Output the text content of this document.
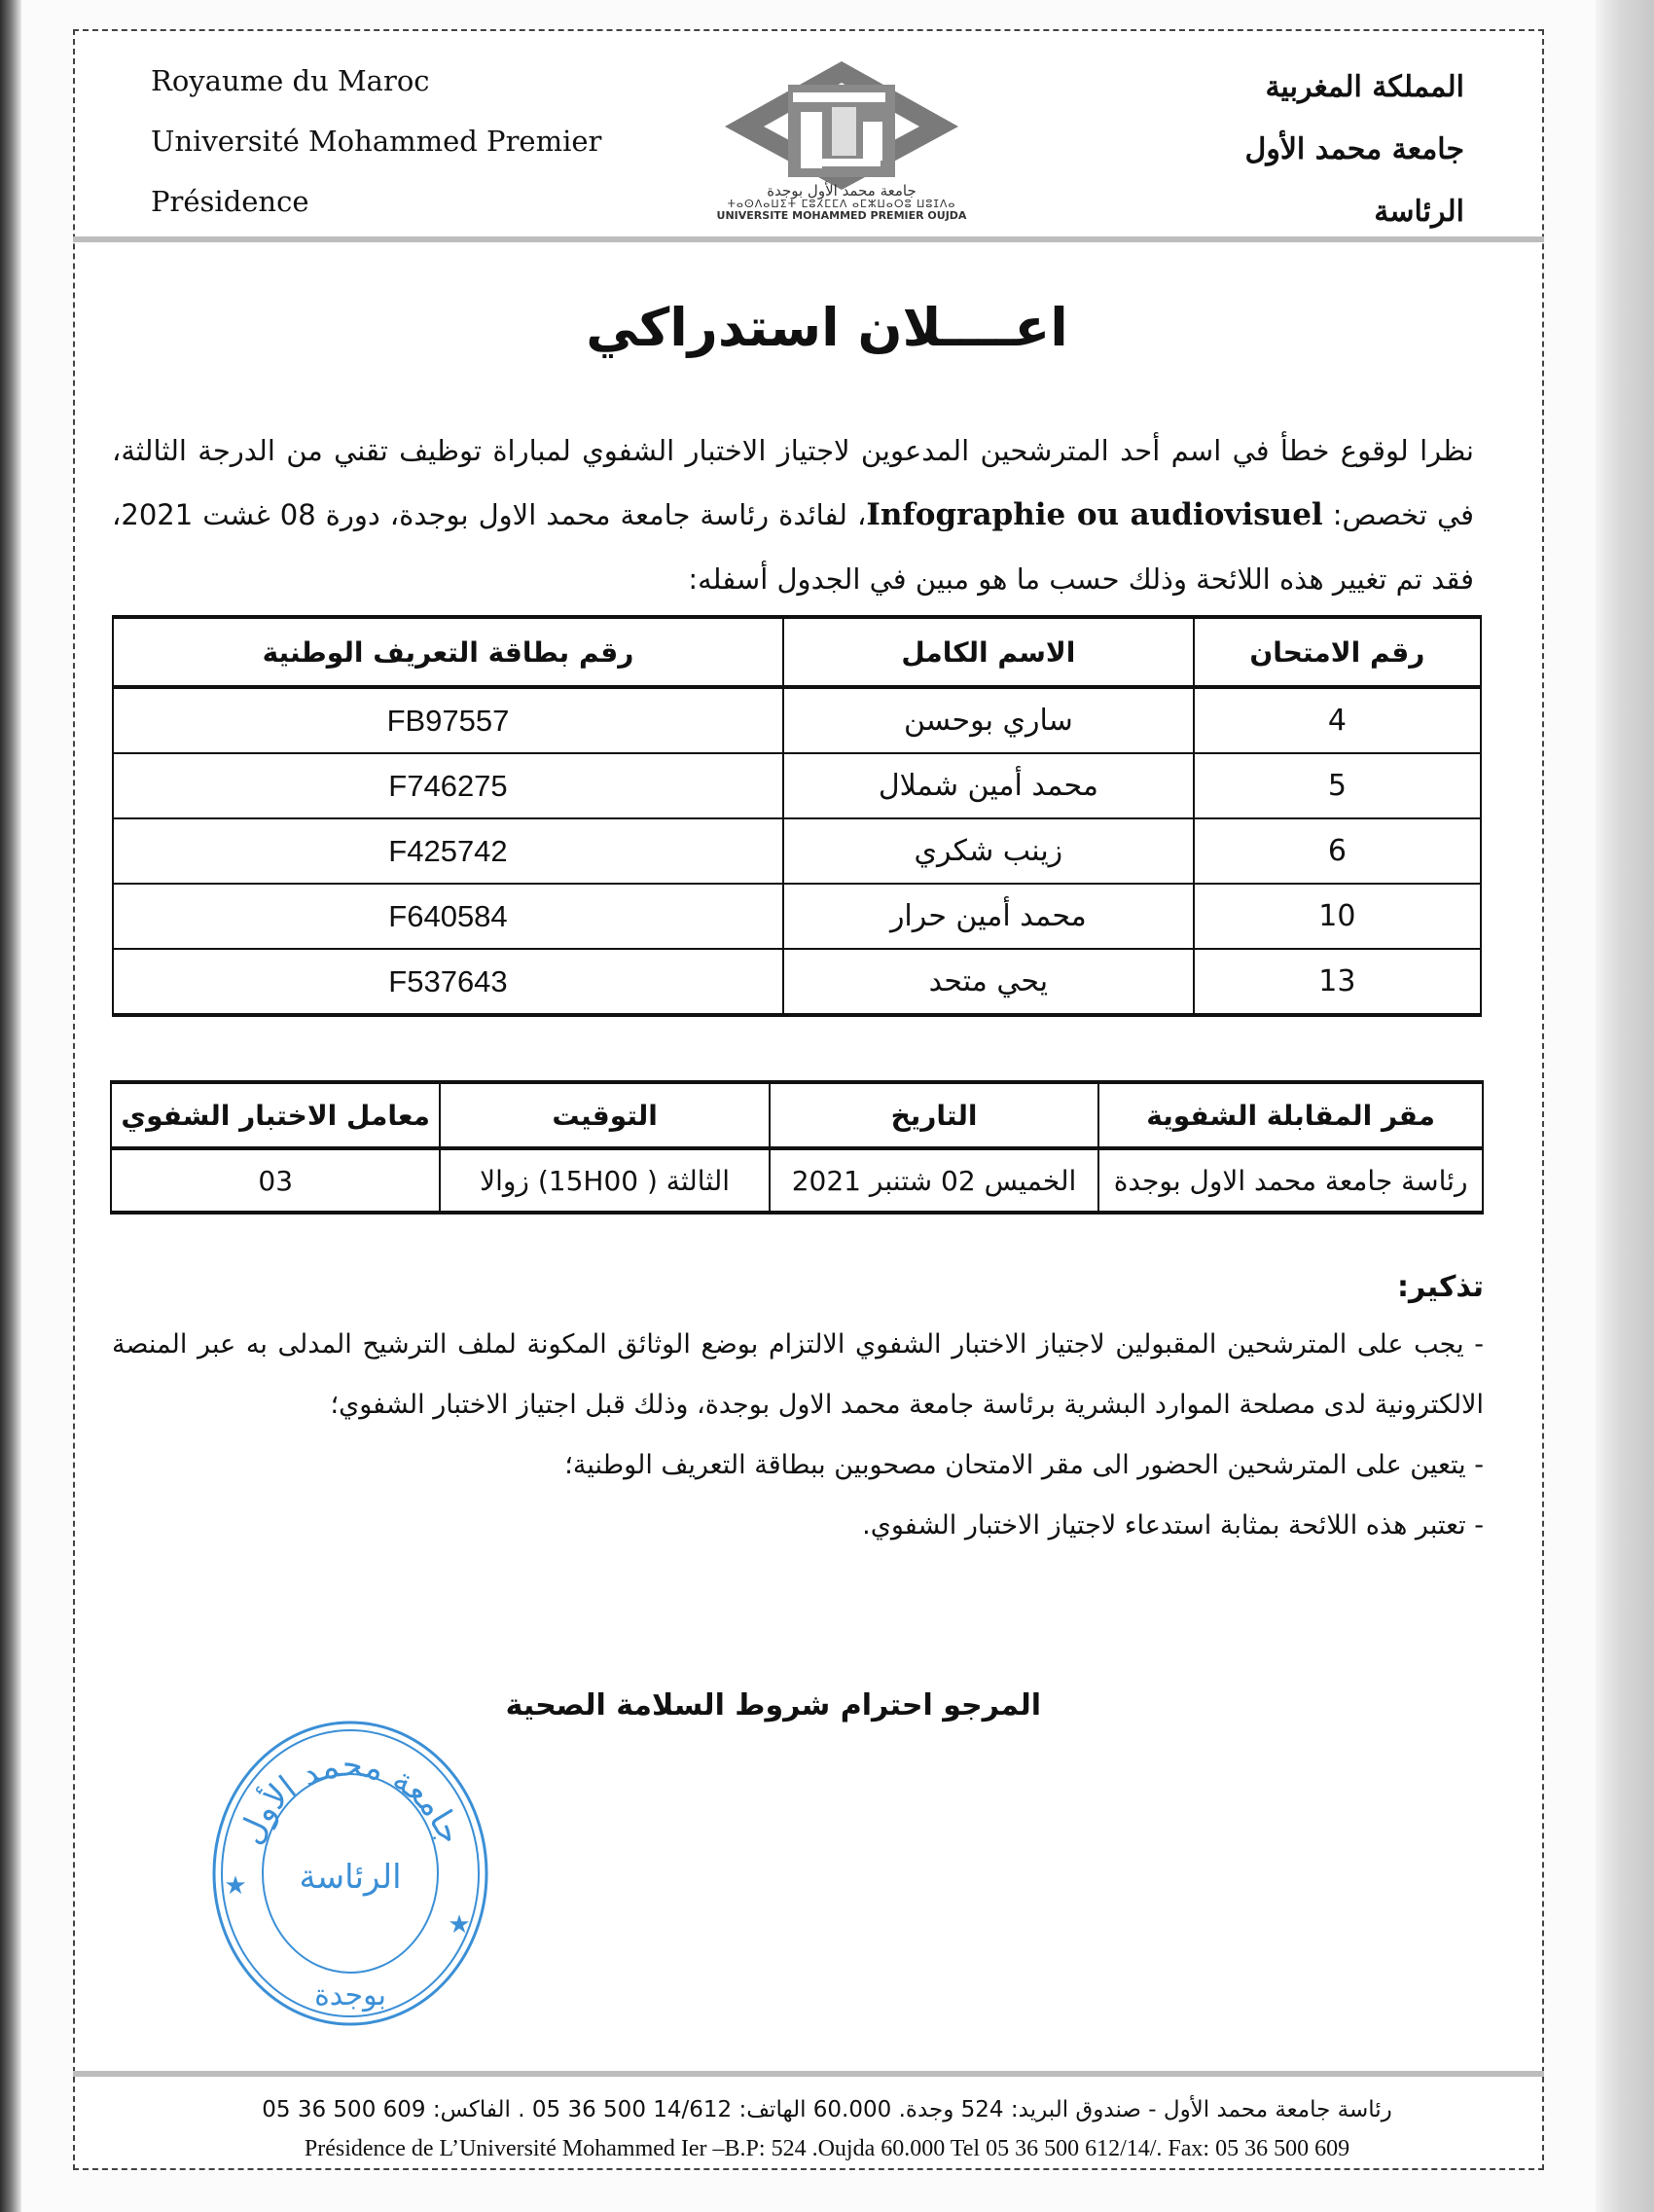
Royaume du Maroc
Université Mohammed Premier
Présidence
المملكة المغربية
جامعة محمد الأول
الرئاسة
جامعة محمد الأول بوجدة
ⵜⴰⵙⴷⴰⵡⵉⵜ ⵎⵓⵃⵎⵎⴷ ⴰⵎⵣⵡⴰⵔⵓ ⵡⵓⵊⴷⴰ
UNIVERSITE MOHAMMED PREMIER OUJDA
اعــــلان استدراكي
نظرا لوقوع خطأ في اسم أحد المترشحين المدعوين لاجتياز الاختبار الشفوي لمباراة توظيف تقني من الدرجة الثالثة، في تخصص: Infographie ou audiovisuel، لفائدة رئاسة جامعة محمد الاول بوجدة، دورة 08 غشت 2021، فقد تم تغيير هذه اللائحة وذلك حسب ما هو مبين في الجدول أسفله:
رقم الامتحان	الاسم الكامل	رقم بطاقة التعريف الوطنية
4	ساري بوحسن	FB97557
5	محمد أمين شملال	F746275
6	زينب شكري	F425742
10	محمد أمين حرار	F640584
13	يحي متحد	F537643
مقر المقابلة الشفوية	التاريخ	التوقيت	معامل الاختبار الشفوي
رئاسة جامعة محمد الاول بوجدة	الخميس 02 شتنبر 2021	الثالثة ( 15H00) زوالا	03
تذكير:

- يجب على المترشحين المقبولين لاجتياز الاختبار الشفوي الالتزام بوضع الوثائق المكونة لملف الترشيح المدلى به عبر المنصة الالكترونية لدى مصلحة الموارد البشرية برئاسة جامعة محمد الاول بوجدة، وذلك قبل اجتياز الاختبار الشفوي؛

- يتعين على المترشحين الحضور الى مقر الامتحان مصحوبين ببطاقة التعريف الوطنية؛

- تعتبر هذه اللائحة بمثابة استدعاء لاجتياز الاختبار الشفوي.

المرجو احترام شروط السلامة الصحية
جامعة محمد الأول
الرئاسة
بوجدة
★
★
رئاسة جامعة محمد الأول - صندوق البريد: 524 وجدة. 60.000 الهاتف: 14/612 500 36 05 . الفاكس: 609 500 36 05
Présidence de L’Université Mohammed Ier –B.P: 524 .Oujda 60.000 Tel 05 36 500 612/14/. Fax: 05 36 500 609
